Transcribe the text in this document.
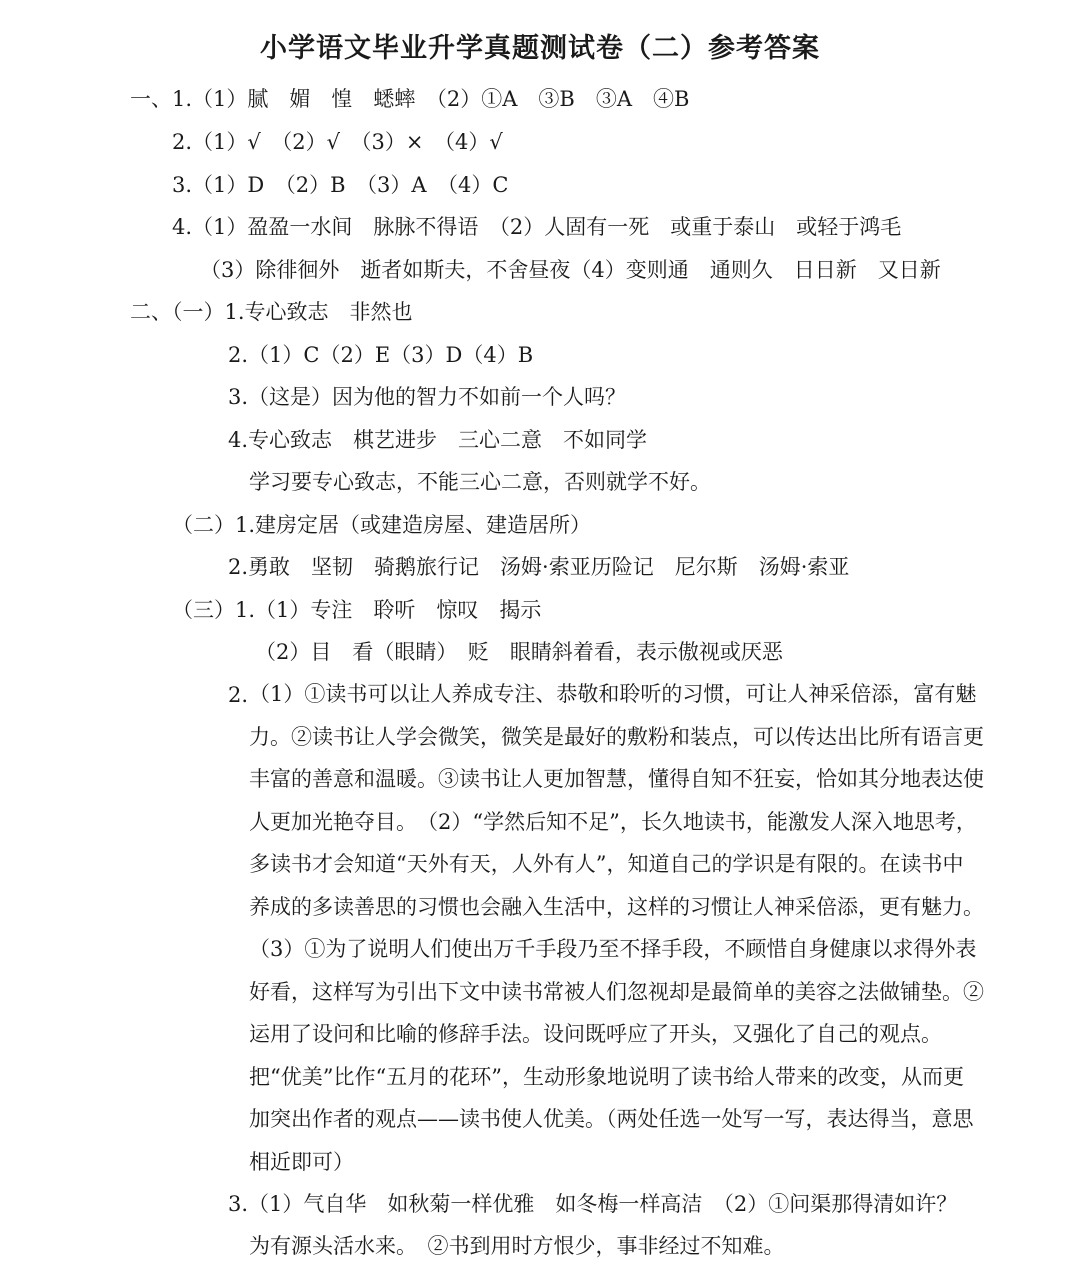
小学语文毕业升学真题测试卷（二）参考答案
一、1.（1）腻　媚　惶　蟋蟀　（2）①A　③B　③A　④B
2.（1）√　（2）√　（3）×　（4）√
3.（1）D　（2）B　（3）A　（4）C
4.（1）盈盈一水间　脉脉不得语　（2）人固有一死　或重于泰山　或轻于鸿毛
（3）除徘徊外　逝者如斯夫，不舍昼夜（4）变则通　通则久　日日新　又日新
二、（一）1.专心致志　非然也
2.（1）C（2）E（3）D（4）B
3.（这是）因为他的智力不如前一个人吗？
4.专心致志　棋艺进步　三心二意　不如同学
学习要专心致志，不能三心二意，否则就学不好。
（二）1.建房定居（或建造房屋、建造居所）
2.勇敢　坚韧　骑鹅旅行记　汤姆·索亚历险记　尼尔斯　汤姆·索亚
（三）1.（1）专注　聆听　惊叹　揭示
（2）目　看（眼睛）　贬　眼睛斜着看，表示傲视或厌恶
2. （1）①读书可以让人养成专注、恭敬和聆听的习惯，可让人神采倍添，富有魅力。②读书让人学会微笑，微笑是最好的敷粉和装点，可以传达出比所有语言更丰富的善意和温暖。③读书让人更加智慧，懂得自知不狂妄，恰如其分地表达使人更加光艳夺目。　（2）“学然后知不足”，长久地读书，能激发人深入地思考，多读书才会知道“天外有天，人外有人”，知道自己的学识是有限的。在读书中养成的多读善思的习惯也会融入生活中，这样的习惯让人神采倍添，更有魅力。　（3）①为了说明人们使出万千手段乃至不择手段，不顾惜自身健康以求得外表好看，这样写为引出下文中读书常被人们忽视却是最简单的美容之法做铺垫。②运用了设问和比喻的修辞手法。设问既呼应了开头，又强化了自己的观点。把“优美”比作“五月的花环”，生动形象地说明了读书给人带来的改变，从而更加突出作者的观点——读书使人优美。（两处任选一处写一写，表达得当，意思相近即可）
3.（1）气自华　如秋菊一样优雅　如冬梅一样高洁　（2）①问渠那得清如许？
为有源头活水来。　②书到用时方恨少，事非经过不知难。
